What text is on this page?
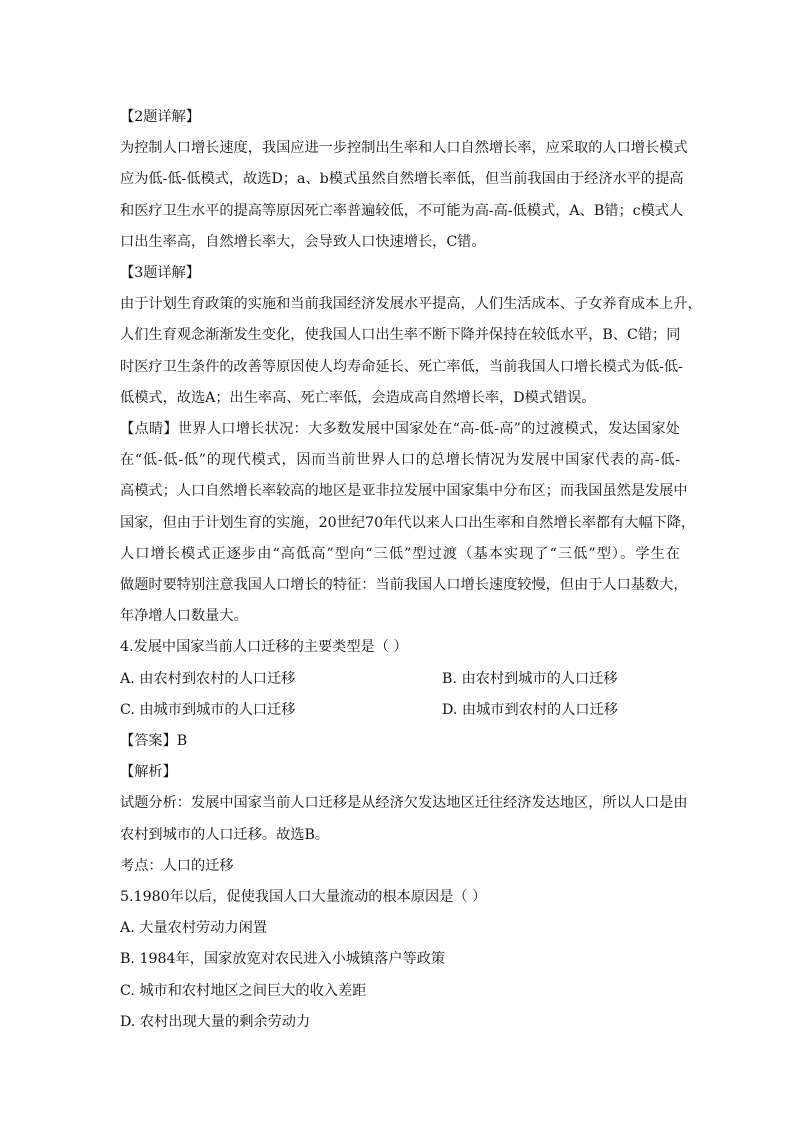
【2题详解】
为控制人口增长速度，我国应进一步控制出生率和人口自然增长率，应采取的人口增长模式
应为低-低-低模式，故选D；a、b模式虽然自然增长率低，但当前我国由于经济水平的提高
和医疗卫生水平的提高等原因死亡率普遍较低，不可能为高-高-低模式，A、B错；c模式人
口出生率高，自然增长率大，会导致人口快速增长，C错。
【3题详解】
由于计划生育政策的实施和当前我国经济发展水平提高，人们生活成本、子女养育成本上升，
人们生育观念渐渐发生变化，使我国人口出生率不断下降并保持在较低水平，B、C错；同
时医疗卫生条件的改善等原因使人均寿命延长、死亡率低，当前我国人口增长模式为低-低-
低模式，故选A；出生率高、死亡率低，会造成高自然增长率，D模式错误。
【点睛】世界人口增长状况：大多数发展中国家处在“高-低-高”的过渡模式，发达国家处
在“低-低-低”的现代模式，因而当前世界人口的总增长情况为发展中国家代表的高-低-
高模式；人口自然增长率较高的地区是亚非拉发展中国家集中分布区；而我国虽然是发展中
国家，但由于计划生育的实施，20世纪70年代以来人口出生率和自然增长率都有大幅下降，
人口增长模式正逐步由“高低高”型向“三低”型过渡（基本实现了“三低”型）。学生在
做题时要特别注意我国人口增长的特征：当前我国人口增长速度较慢，但由于人口基数大，
年净增人口数量大。
4.发展中国家当前人口迁移的主要类型是（ ）
A. 由农村到农村的人口迁移	B. 由农村到城市的人口迁移
C. 由城市到城市的人口迁移	D. 由城市到农村的人口迁移
【答案】B
【解析】
试题分析：发展中国家当前人口迁移是从经济欠发达地区迁往经济发达地区，所以人口是由
农村到城市的人口迁移。故选B。
考点：人口的迁移
5.1980年以后，促使我国人口大量流动的根本原因是（ ）
A. 大量农村劳动力闲置
B. 1984年，国家放宽对农民进入小城镇落户等政策
C. 城市和农村地区之间巨大的收入差距
D. 农村出现大量的剩余劳动力
